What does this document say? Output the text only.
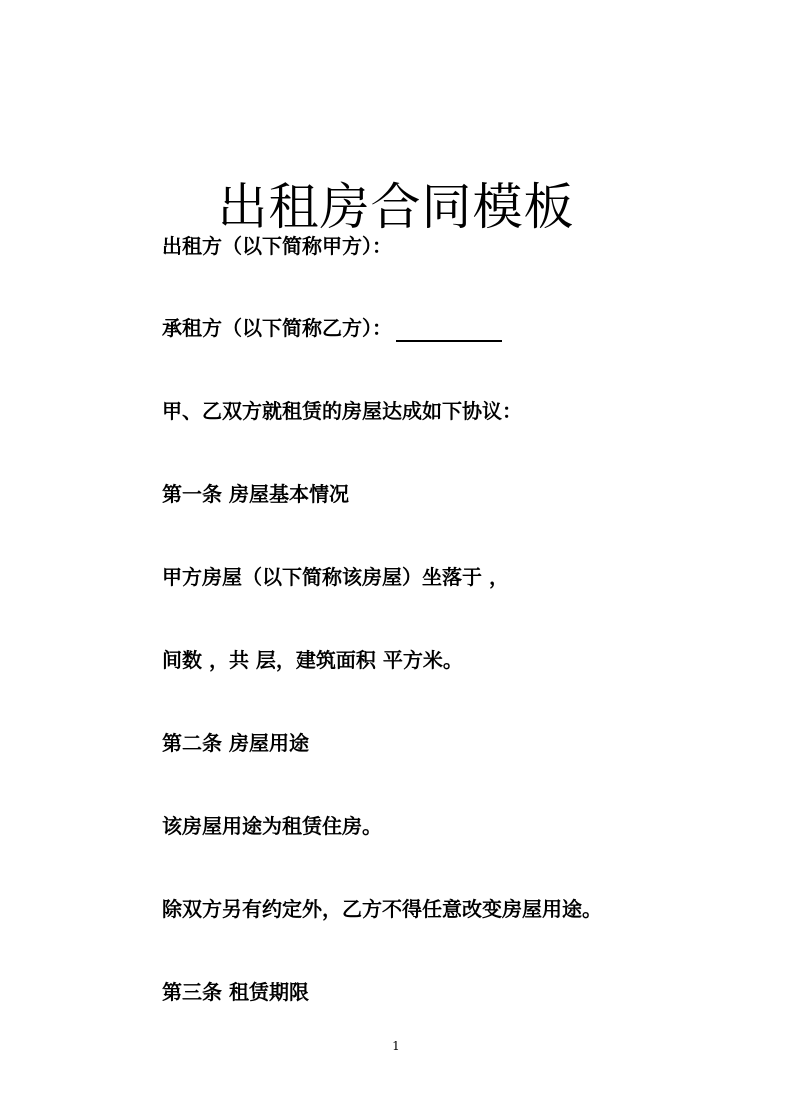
出租房合同模板
出租方（以下简称甲方）：
承租方（以下简称乙方）：
甲、乙双方就租赁的房屋达成如下协议：
第一条 房屋基本情况
甲方房屋（以下简称该房屋）坐落于 ，
间数 ，共 层，建筑面积 平方米。
第二条 房屋用途
该房屋用途为租赁住房。
除双方另有约定外，乙方不得任意改变房屋用途。
第三条 租赁期限
1
